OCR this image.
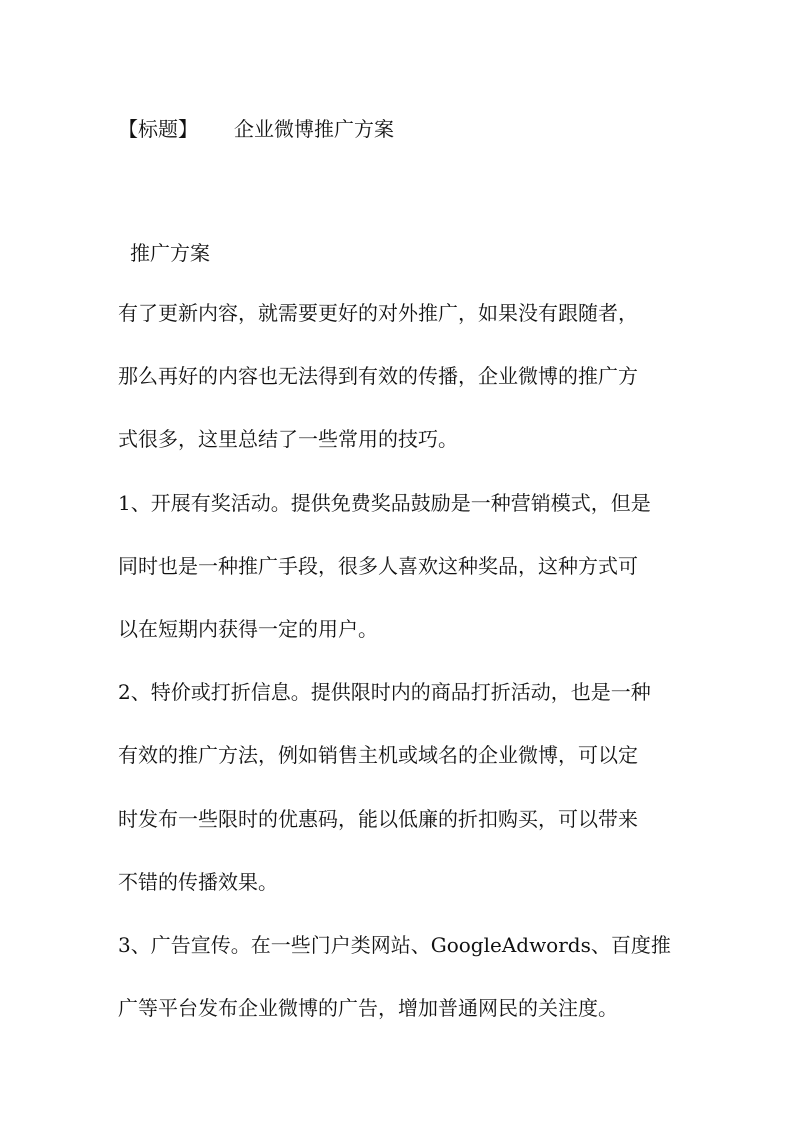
【标题】 企业微博推广方案
推广方案
有了更新内容，就需要更好的对外推广，如果没有跟随者，
那么再好的内容也无法得到有效的传播，企业微博的推广方
式很多，这里总结了一些常用的技巧。
1、开展有奖活动。提供免费奖品鼓励是一种营销模式，但是
同时也是一种推广手段，很多人喜欢这种奖品，这种方式可
以在短期内获得一定的用户。
2、特价或打折信息。提供限时内的商品打折活动，也是一种
有效的推广方法，例如销售主机或域名的企业微博，可以定
时发布一些限时的优惠码，能以低廉的折扣购买，可以带来
不错的传播效果。
3、广告宣传。在一些门户类网站、GoogleAdwords、百度推
广等平台发布企业微博的广告，增加普通网民的关注度。
